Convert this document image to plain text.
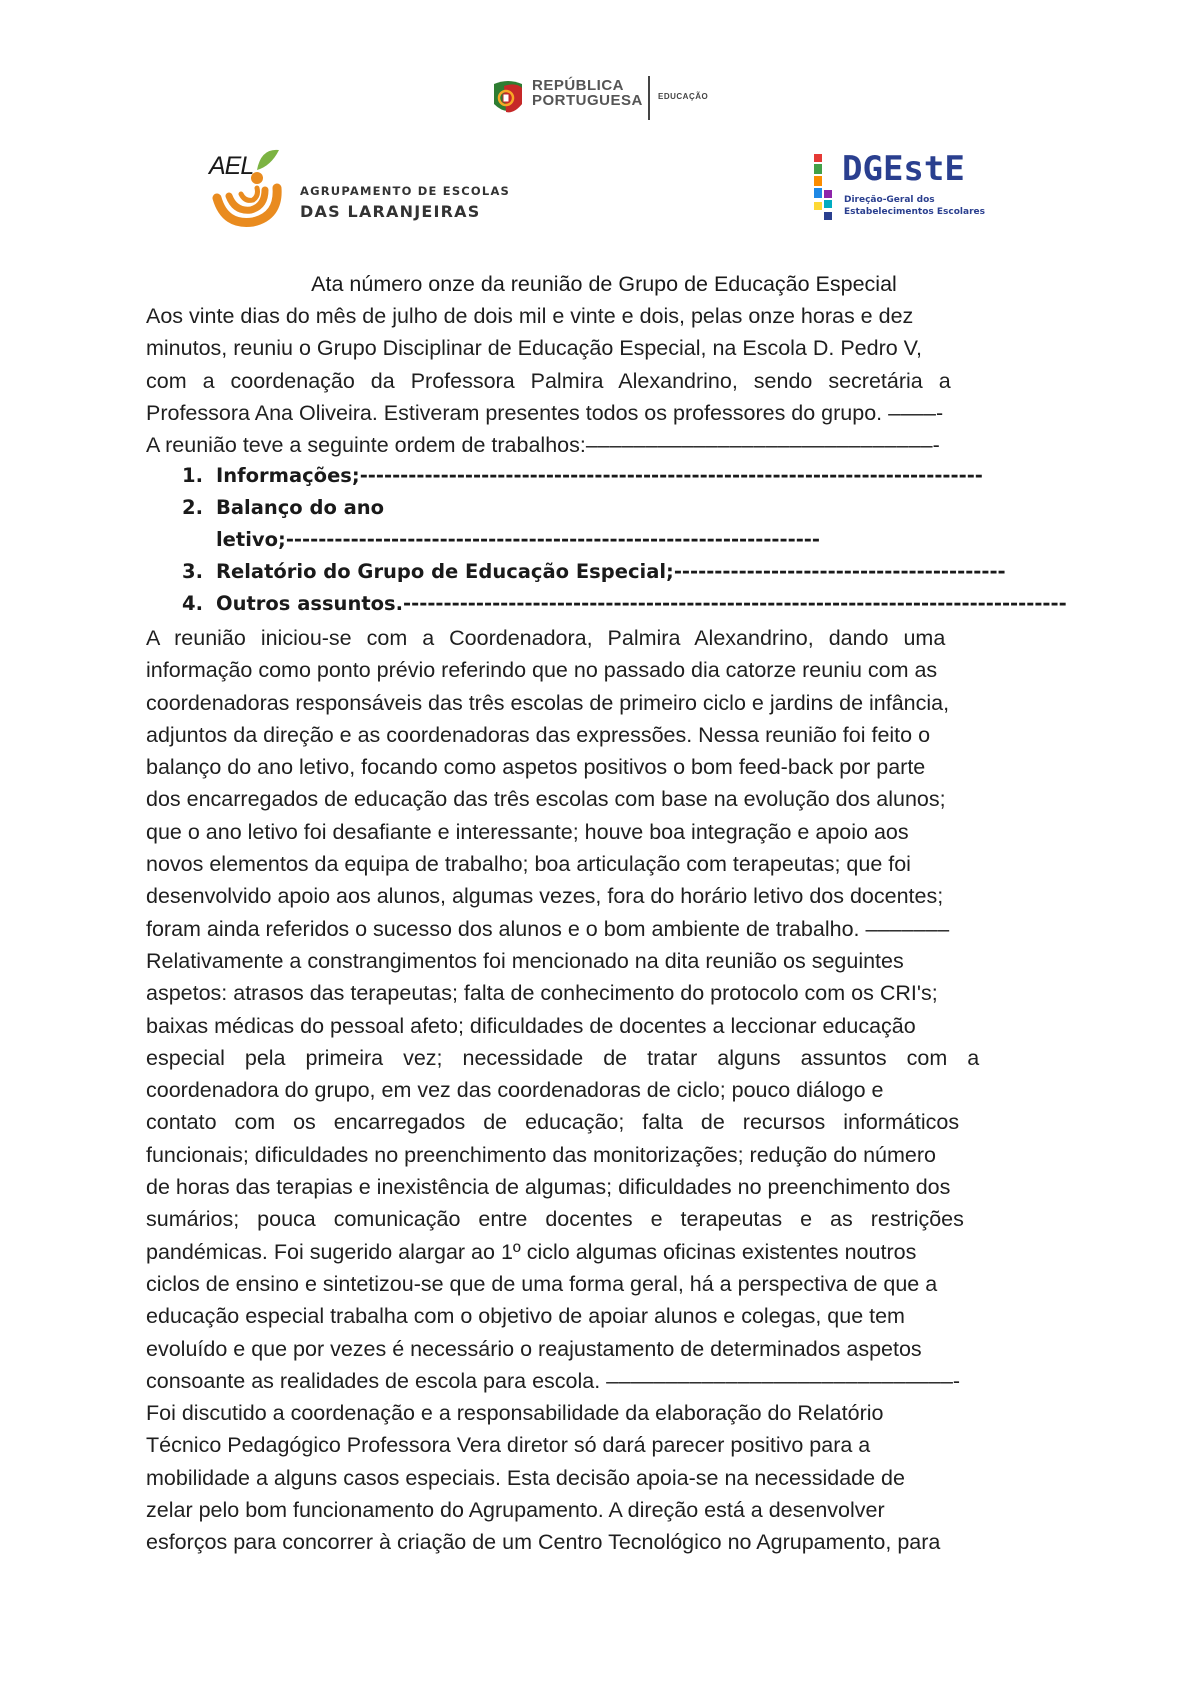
REPÚBLICA
PORTUGUESA EDUCAÇÃO
AEL
AGRUPAMENTO DE ESCOLAS
DAS LARANJEIRAS
DGEstE
Direção-Geral dos
Estabelecimentos Escolares
Ata número onze da reunião de Grupo de Educação Especial
Aos vinte dias do mês de julho de dois mil e vinte e dois, pelas onze horas e dez
minutos, reuniu o Grupo Disciplinar de Educação Especial, na Escola D. Pedro V,
com a coordenação da Professora Palmira Alexandrino, sendo secretária a
Professora Ana Oliveira. Estiveram presentes todos os professores do grupo. ––––-
A reunião teve a seguinte ordem de trabalhos:–––––––––––––––––––––––––––––-
1. Informações;-----------------------------------------------------------------------------
2. Balanço do ano
letivo;------------------------------------------------------------------
3. Relatório do Grupo de Educação Especial;-----------------------------------------
4. Outros assuntos.----------------------------------------------------------------------------------
A reunião iniciou-se com a Coordenadora, Palmira Alexandrino, dando uma
informação como ponto prévio referindo que no passado dia catorze reuniu com as
coordenadoras responsáveis das três escolas de primeiro ciclo e jardins de infância,
adjuntos da direção e as coordenadoras das expressões. Nessa reunião foi feito o
balanço do ano letivo, focando como aspetos positivos o bom feed-back por parte
dos encarregados de educação das três escolas com base na evolução dos alunos;
que o ano letivo foi desafiante e interessante; houve boa integração e apoio aos
novos elementos da equipa de trabalho; boa articulação com terapeutas; que foi
desenvolvido apoio aos alunos, algumas vezes, fora do horário letivo dos docentes;
foram ainda referidos o sucesso dos alunos e o bom ambiente de trabalho. –––––––
Relativamente a constrangimentos foi mencionado na dita reunião os seguintes
aspetos: atrasos das terapeutas; falta de conhecimento do protocolo com os CRI's;
baixas médicas do pessoal afeto; dificuldades de docentes a leccionar educação
especial pela primeira vez; necessidade de tratar alguns assuntos com a
coordenadora do grupo, em vez das coordenadoras de ciclo; pouco diálogo e
contato com os encarregados de educação; falta de recursos informáticos
funcionais; dificuldades no preenchimento das monitorizações; redução do número
de horas das terapias e inexistência de algumas; dificuldades no preenchimento dos
sumários; pouca comunicação entre docentes e terapeutas e as restrições
pandémicas. Foi sugerido alargar ao 1º ciclo algumas oficinas existentes noutros
ciclos de ensino e sintetizou-se que de uma forma geral, há a perspectiva de que a
educação especial trabalha com o objetivo de apoiar alunos e colegas, que tem
evoluído e que por vezes é necessário o reajustamento de determinados aspetos
consoante as realidades de escola para escola. –––––––––––––––––––––––––––––-
Foi discutido a coordenação e a responsabilidade da elaboração do Relatório
Técnico Pedagógico Professora Vera diretor só dará parecer positivo para a
mobilidade a alguns casos especiais. Esta decisão apoia-se na necessidade de
zelar pelo bom funcionamento do Agrupamento. A direção está a desenvolver
esforços para concorrer à criação de um Centro Tecnológico no Agrupamento, para
